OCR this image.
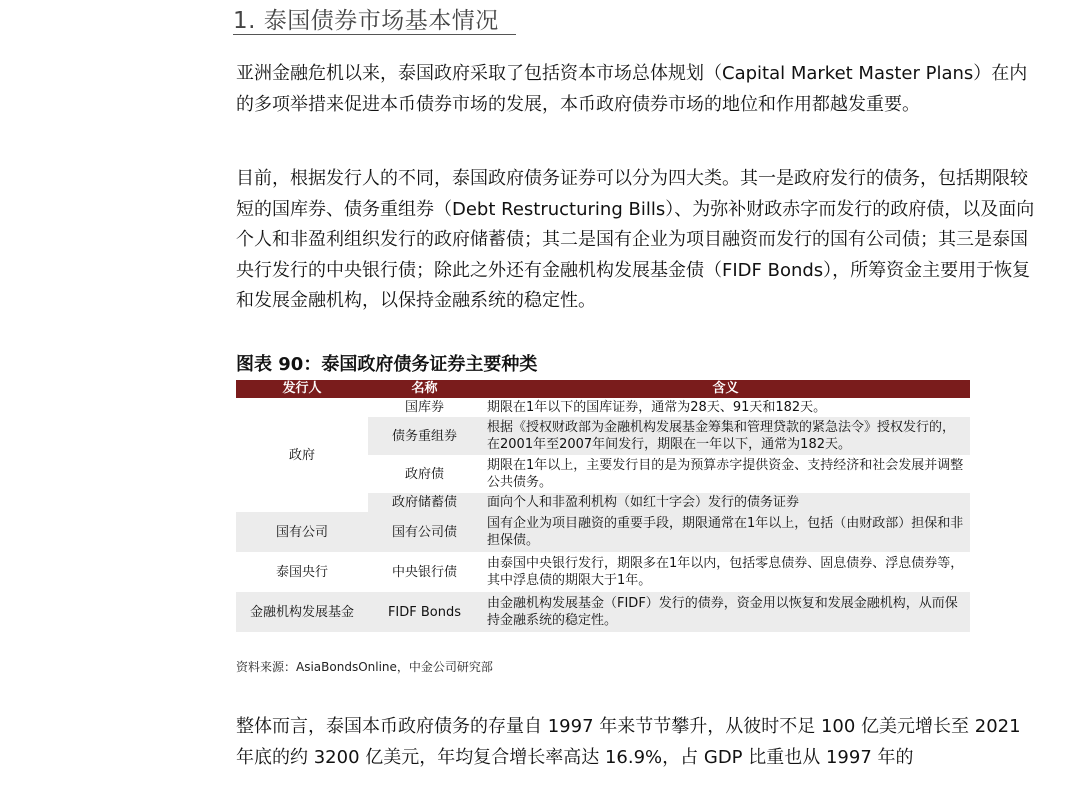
1. 泰国债券市场基本情况

亚洲金融危机以来，泰国政府采取了包括资本市场总体规划（Capital Market Master Plans）在内的多项举措来促进本币债券市场的发展，本币政府债券市场的地位和作用都越发重要。

目前，根据发行人的不同，泰国政府债务证券可以分为四大类。其一是政府发行的债务，包括期限较短的国库券、债务重组券（Debt Restructuring Bills）、为弥补财政赤字而发行的政府债，以及面向个人和非盈利组织发行的政府储蓄债；其二是国有企业为项目融资而发行的国有公司债；其三是泰国央行发行的中央银行债；除此之外还有金融机构发展基金债（FIDF Bonds），所筹资金主要用于恢复和发展金融机构，以保持金融系统的稳定性。

图表 90：泰国政府债务证券主要种类
发行人	名称	含义
政府	国库券	期限在1年以下的国库证券，通常为28天、91天和182天。
	债务重组券	根据《授权财政部为金融机构发展基金筹集和管理贷款的紧急法令》授权发行的，在2001年至2007年间发行，期限在一年以下，通常为182天。
	政府债	期限在1年以上，主要发行目的是为预算赤字提供资金、支持经济和社会发展并调整公共债务。
	政府储蓄债	面向个人和非盈利机构（如红十字会）发行的债务证券
国有公司	国有公司债	国有企业为项目融资的重要手段，期限通常在1年以上，包括（由财政部）担保和非担保债。
泰国央行	中央银行债	由泰国中央银行发行，期限多在1年以内，包括零息债券、固息债券、浮息债券等，其中浮息债的期限大于1年。
金融机构发展基金	FIDF Bonds	由金融机构发展基金（FIDF）发行的债券，资金用以恢复和发展金融机构，从而保持金融系统的稳定性。
资料来源：AsiaBondsOnline，中金公司研究部

整体而言，泰国本币政府债务的存量自 1997 年来节节攀升，从彼时不足 100 亿美元增长至 2021 年底的约 3200 亿美元，年均复合增长率高达 16.9%，占 GDP 比重也从 1997 年的
